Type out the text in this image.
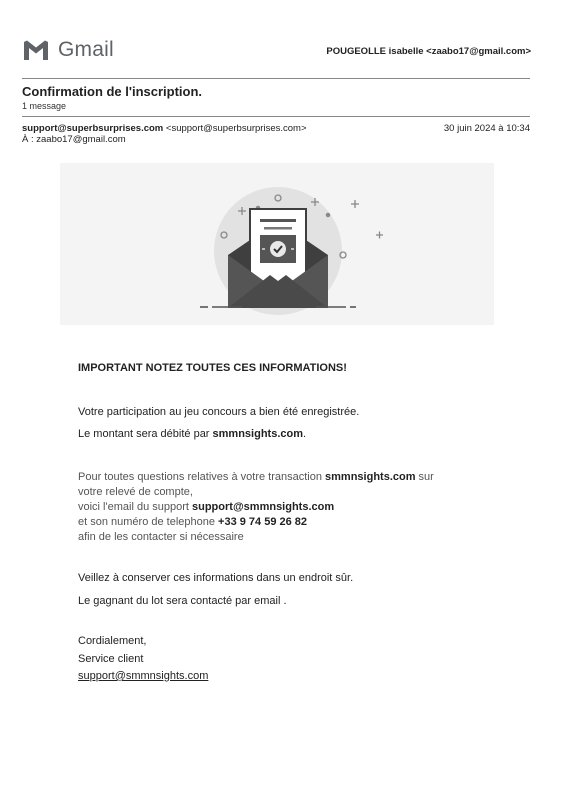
Gmail	POUGEOLLE isabelle <zaabo17@gmail.com>
Confirmation de l'inscription.
1 message
support@superbsurprises.com <support@superbsurprises.com>
À : zaabo17@gmail.com
30 juin 2024 à 10:34
IMPORTANT NOTEZ TOUTES CES INFORMATIONS!
Votre participation au jeu concours a bien été enregistrée.
Le montant sera débité par smmnsights.com.
Pour toutes questions relatives à votre transaction smmnsights.com sur
votre relevé de compte,
voici l'email du support support@smmnsights.com
et son numéro de telephone +33 9 74 59 26 82
afin de les contacter si nécessaire
Veillez à conserver ces informations dans un endroit sûr.
Le gagnant du lot sera contacté par email .
Cordialement,
Service client
support@smmnsights.com
